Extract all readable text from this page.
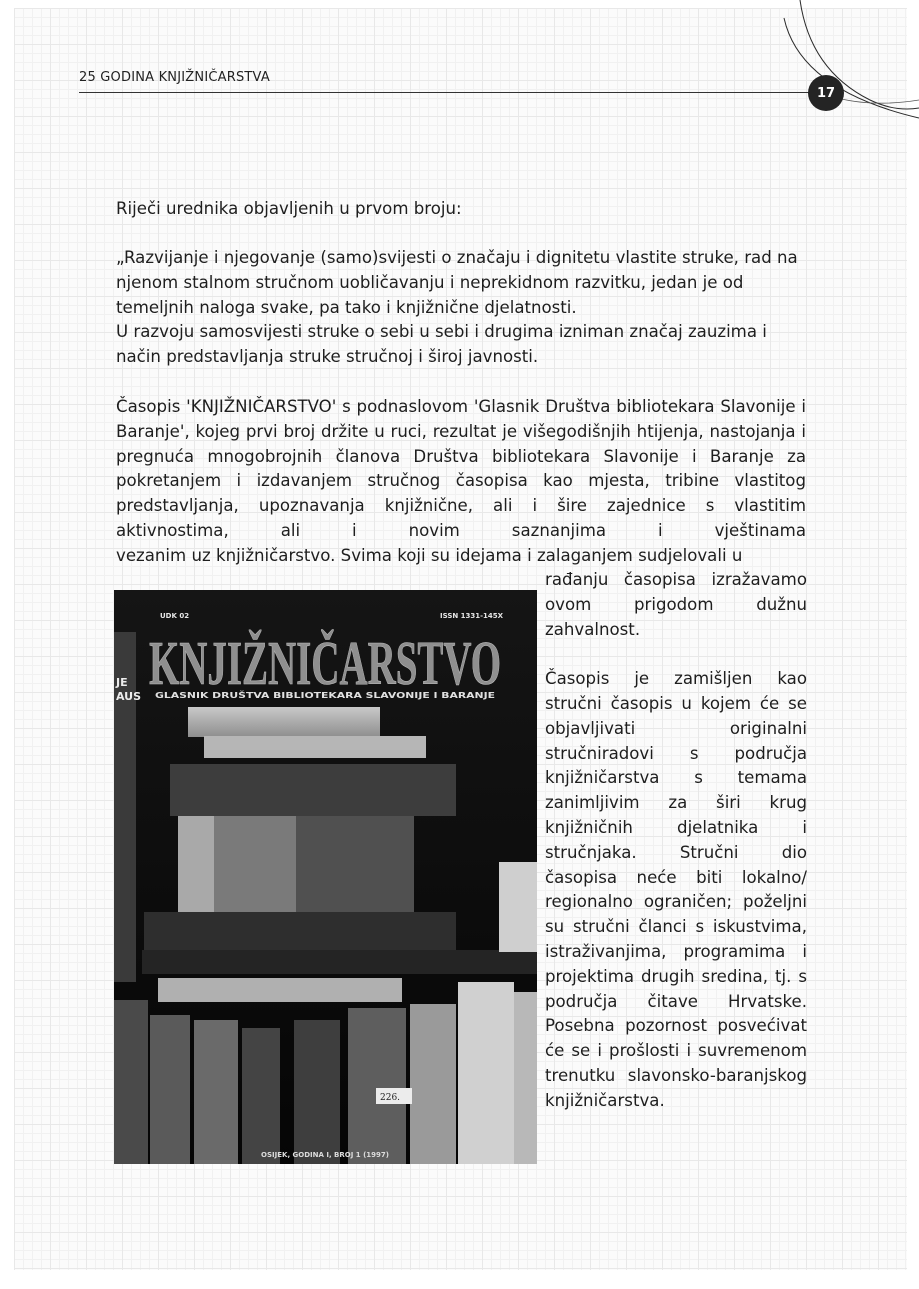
25 GODINA KNJIŽNIČARSTVA
17
Riječi urednika objavljenih u prvom broju:

„Razvijanje i njegovanje (samo)svijesti o značaju i dignitetu vlastite struke, rad na njenom stalnom stručnom uobličavanju i neprekidnom razvitku, jedan je od temeljnih naloga svake, pa tako i knjižnične djelatnosti.

U razvoju samosvijesti struke o sebi u sebi i drugima izniman značaj zauzima i način predstavljanja struke stručnoj i široj javnosti.

Časopis 'KNJIŽNIČARSTVO' s podnaslovom 'Glasnik Društva bibliotekara Slavonije i Baranje', kojeg prvi broj držite u ruci, rezultat je višegodišnjih htijenja, nastojanja i pregnuća mnogobrojnih članova Društva bibliotekara Slavonije i Baranje za pokretanjem i izdavanjem stručnog časopisa kao mjesta, tribine vlastitog predstavljanja, upoznavanja knjižnične, ali i šire zajednice s vlastitim aktivnostima, ali i novim saznanjima i vještinama

vezanim uz knjižničarstvo. Svima koji su idejama i zalaganjem sudjelovali u

rađanju časopisa izražavamo ovom prigodom dužnu zahvalnost.

Časopis je zamišljen kao stručni časopis u kojem će se objavljivati originalni stručniradovi s područja knjižničarstva s temama zanimljivim za širi krug knjižničnih djelatnika i stručnjaka. Stručni dio časopisa neće biti lokalno/ regionalno ograničen; poželjni su stručni članci s iskustvima, istraživanjima, programima i projektima drugih sredina, tj. s područja čitave Hrvatske. Posebna pozornost posvećivat će se i prošlosti i suvremenom trenutku slavonsko-baranjskog knjižničarstva.

UDK 02	ISSN 1331-145X
KNJIŽNIČARSTVO
GLASNIK DRUŠTVA BIBLIOTEKARA SLAVONIJE I BARANJE
JE
AUS
226.
OSIJEK, GODINA I, BROJ 1 (1997)
